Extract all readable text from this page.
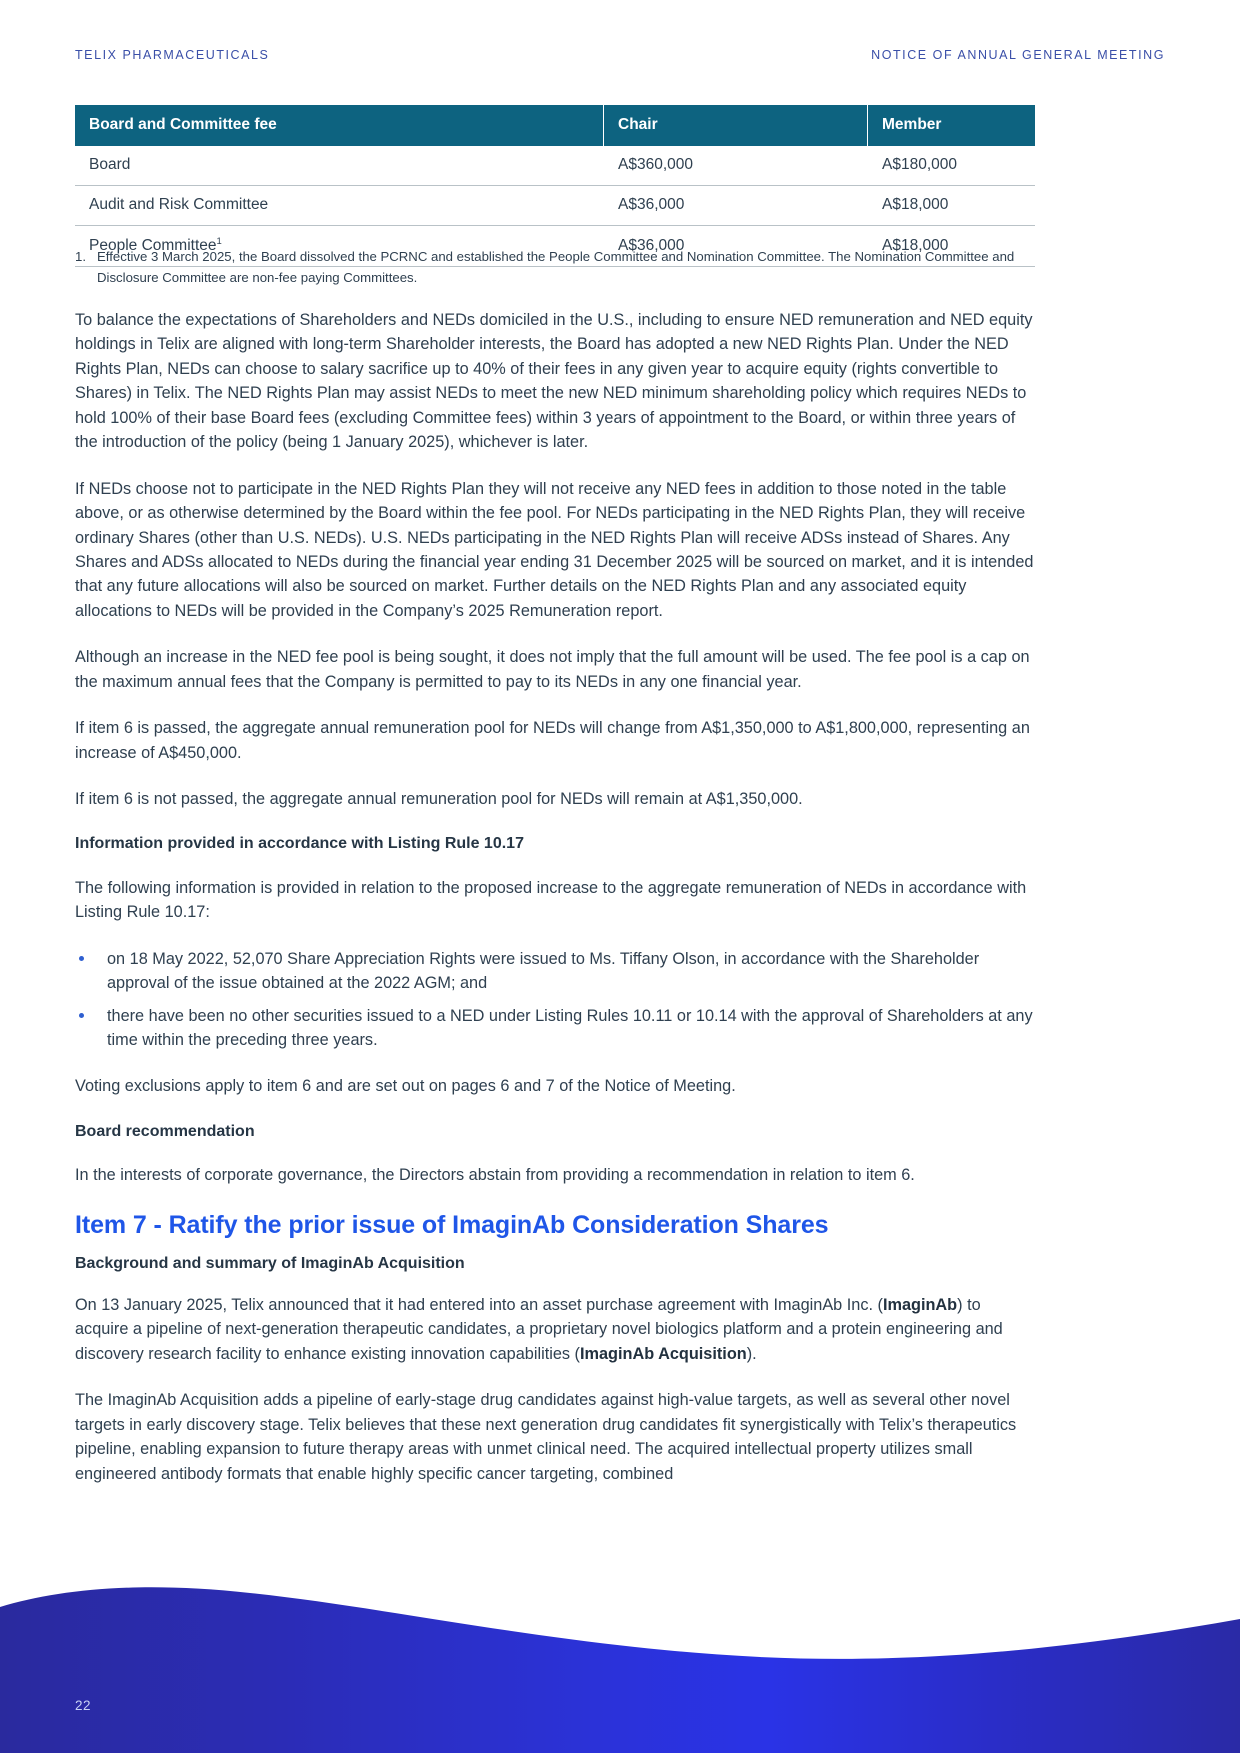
TELIX PHARMACEUTICALS	NOTICE OF ANNUAL GENERAL MEETING
Board and Committee fee	Chair	Member
Board	A$360,000	A$180,000
Audit and Risk Committee	A$36,000	A$18,000
People Committee$^1$	A$36,000	A$18,000
1. Effective 3 March 2025, the Board dissolved the PCRNC and established the People Committee and Nomination Committee. The Nomination Committee and Disclosure Committee are non-fee paying Committees.

To balance the expectations of Shareholders and NEDs domiciled in the U.S., including to ensure NED remuneration and NED equity holdings in Telix are aligned with long-term Shareholder interests, the Board has adopted a new NED Rights Plan. Under the NED Rights Plan, NEDs can choose to salary sacrifice up to 40% of their fees in any given year to acquire equity (rights convertible to Shares) in Telix. The NED Rights Plan may assist NEDs to meet the new NED minimum shareholding policy which requires NEDs to hold 100% of their base Board fees (excluding Committee fees) within 3 years of appointment to the Board, or within three years of the introduction of the policy (being 1 January 2025), whichever is later.

If NEDs choose not to participate in the NED Rights Plan they will not receive any NED fees in addition to those noted in the table above, or as otherwise determined by the Board within the fee pool. For NEDs participating in the NED Rights Plan, they will receive ordinary Shares (other than U.S. NEDs). U.S. NEDs participating in the NED Rights Plan will receive ADSs instead of Shares. Any Shares and ADSs allocated to NEDs during the financial year ending 31 December 2025 will be sourced on market, and it is intended that any future allocations will also be sourced on market. Further details on the NED Rights Plan and any associated equity allocations to NEDs will be provided in the Company’s 2025 Remuneration report.

Although an increase in the NED fee pool is being sought, it does not imply that the full amount will be used. The fee pool is a cap on the maximum annual fees that the Company is permitted to pay to its NEDs in any one financial year.

If item 6 is passed, the aggregate annual remuneration pool for NEDs will change from A$1,350,000 to A$1,800,000, representing an increase of A$450,000.

If item 6 is not passed, the aggregate annual remuneration pool for NEDs will remain at A$1,350,000.

Information provided in accordance with Listing Rule 10.17

The following information is provided in relation to the proposed increase to the aggregate remuneration of NEDs in accordance with Listing Rule 10.17:

on 18 May 2022, 52,070 Share Appreciation Rights were issued to Ms. Tiffany Olson, in accordance with the Shareholder approval of the issue obtained at the 2022 AGM; and
there have been no other securities issued to a NED under Listing Rules 10.11 or 10.14 with the approval of Shareholders at any time within the preceding three years.

Voting exclusions apply to item 6 and are set out on pages 6 and 7 of the Notice of Meeting.

Board recommendation

In the interests of corporate governance, the Directors abstain from providing a recommendation in relation to item 6.

Item 7 - Ratify the prior issue of ImaginAb Consideration Shares
Background and summary of ImaginAb Acquisition

On 13 January 2025, Telix announced that it had entered into an asset purchase agreement with ImaginAb Inc. (ImaginAb) to acquire a pipeline of next-generation therapeutic candidates, a proprietary novel biologics platform and a protein engineering and discovery research facility to enhance existing innovation capabilities (ImaginAb Acquisition).

The ImaginAb Acquisition adds a pipeline of early-stage drug candidates against high-value targets, as well as several other novel targets in early discovery stage. Telix believes that these next generation drug candidates fit synergistically with Telix’s therapeutics pipeline, enabling expansion to future therapy areas with unmet clinical need. The acquired intellectual property utilizes small engineered antibody formats that enable highly specific cancer targeting, combined

22
